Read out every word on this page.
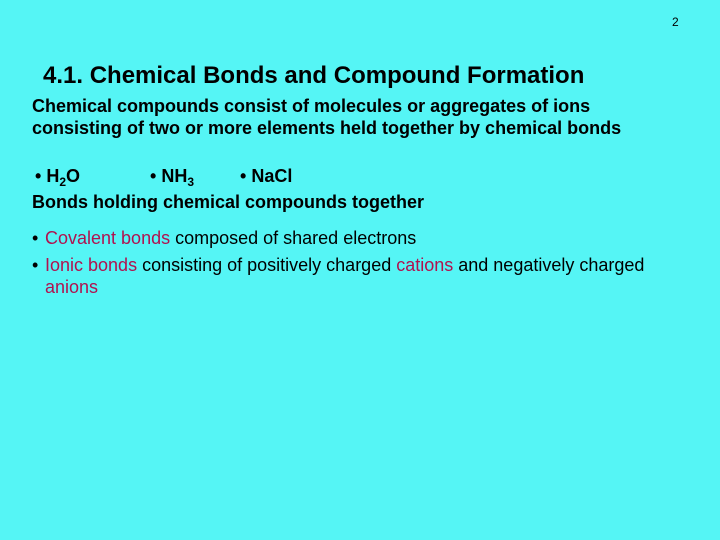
2
4.1. Chemical Bonds and Compound Formation
Chemical compounds consist of molecules or aggregates of ions consisting of two or more elements held together by chemical bonds
• $H_2O$	• $NH_3$	• NaCl
Bonds holding chemical compounds together
• Covalent bonds composed of shared electrons
• Ionic bonds consisting of positively charged cations and negatively charged anions
